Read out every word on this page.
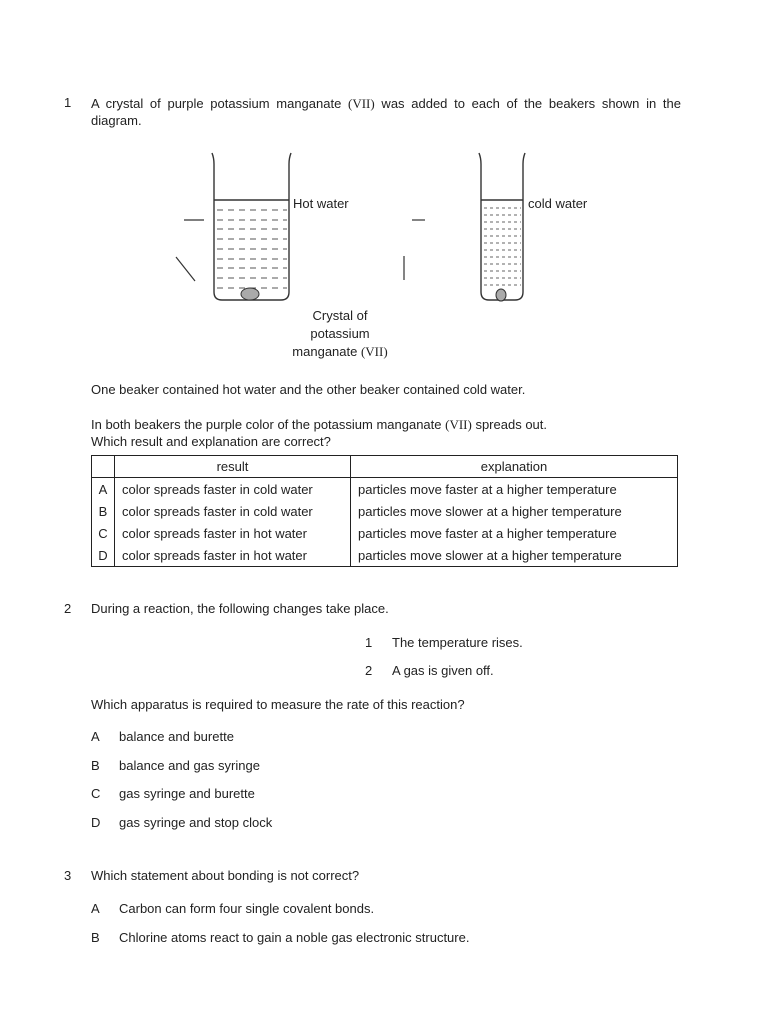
1 A crystal of purple potassium manganate (VII) was added to each of the beakers shown in the diagram.
Hot water	cold water
Crystal of
potassium
manganate (VII)
One beaker contained hot water and the other beaker contained cold water.
In both beakers the purple color of the potassium manganate (VII) spreads out.
Which result and explanation are correct?
	result	explanation
A	color spreads faster in cold water	particles move faster at a higher temperature
B	color spreads faster in cold water	particles move slower at a higher temperature
C	color spreads faster in hot water	particles move faster at a higher temperature
D	color spreads faster in hot water	particles move slower at a higher temperature
2 During a reaction, the following changes take place.
1 The temperature rises.
2 A gas is given off.
Which apparatus is required to measure the rate of this reaction?
A balance and burette
B balance and gas syringe
C gas syringe and burette
D gas syringe and stop clock
3 Which statement about bonding is not correct?
A Carbon can form four single covalent bonds.
B Chlorine atoms react to gain a noble gas electronic structure.
